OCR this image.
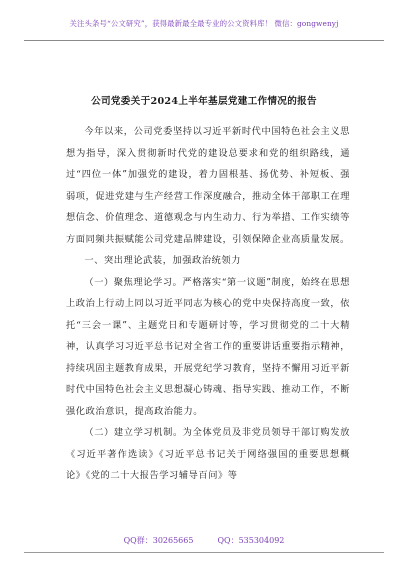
关注头条号“公文研究”，获得最新最全最专业的公文资料库！ 微信：gongwenyj
公司党委关于2024上半年基层党建工作情况的报告

今年以来，公司党委坚持以习近平新时代中国特色社会主义思想为指导，深入贯彻新时代党的建设总要求和党的组织路线，通过“四位一体”加强党的建设，着力固根基、扬优势、补短板、强弱项，促进党建与生产经营工作深度融合，推动全体干部职工在理想信念、价值理念、道德观念与内生动力、行为举措、工作实绩等方面同频共振赋能公司党建品牌建设，引领保障企业高质量发展。

一、突出理论武装，加强政治统领力

（一）聚焦理论学习。严格落实“第一议题”制度，始终在思想上政治上行动上同以习近平同志为核心的党中央保持高度一致，依托“三会一课”、主题党日和专题研讨等，学习贯彻党的二十大精神，认真学习习近平总书记对全省工作的重要讲话重要指示精神，持续巩固主题教育成果，开展党纪学习教育，坚持不懈用习近平新时代中国特色社会主义思想凝心铸魂、指导实践、推动工作，不断强化政治意识，提高政治能力。

（二）建立学习机制。为全体党员及非党员领导干部订购发放《习近平著作选读》《习近平总书记关于网络强国的重要思想概论》《党的二十大报告学习辅导百问》等

QQ群：30265665	QQ：535304092
